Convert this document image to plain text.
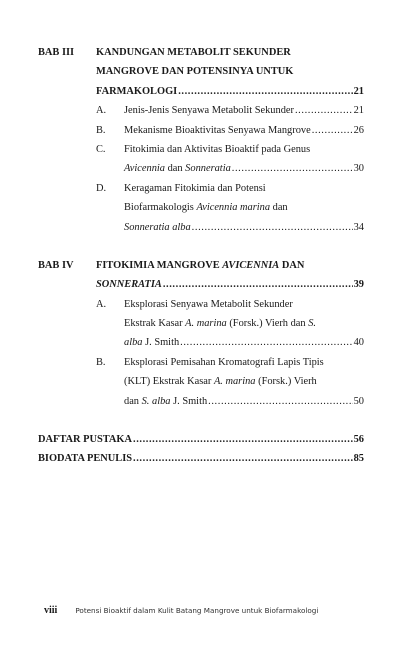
BAB III KANDUNGAN METABOLIT SEKUNDER
MANGROVE DAN POTENSINYA UNTUK
FARMAKOLOGI .....	21
A. Jenis-Jenis Senyawa Metabolit Sekunder .....	21
B. Mekanisme Bioaktivitas Senyawa Mangrove .....	26
C. Fitokimia dan Aktivitas Bioaktif pada Genus
Avicennia dan Sonneratia .....	30
D. Keragaman Fitokimia dan Potensi
Biofarmakologis Avicennia marina dan
Sonneratia alba .....	34
BAB IV FITOKIMIA MANGROVE AVICENNIA DAN
SONNERATIA .....	39
A. Eksplorasi Senyawa Metabolit Sekunder
Ekstrak Kasar A. marina (Forsk.) Vierh dan S.
alba J. Smith .....	40
B. Eksplorasi Pemisahan Kromatografi Lapis Tipis
(KLT) Ekstrak Kasar A. marina (Forsk.) Vierh
dan S. alba J. Smith .....	50
DAFTAR PUSTAKA .....	56
BIODATA PENULIS .....	85
viii	Potensi Bioaktif dalam Kulit Batang Mangrove untuk Biofarmakologi
